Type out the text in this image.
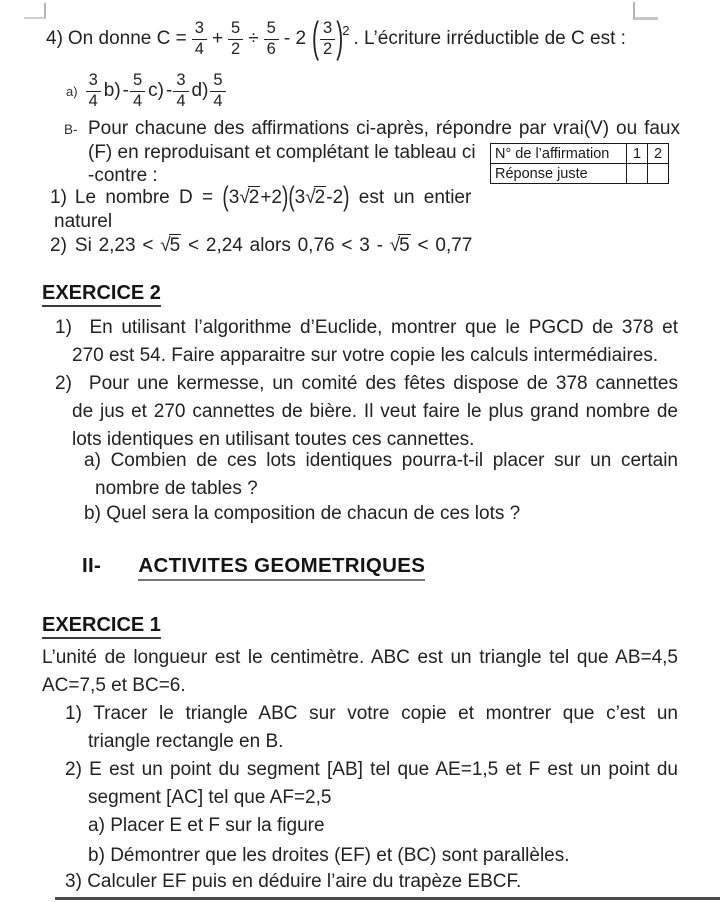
4) On donne $C = \frac{3}{4} + \frac{5}{2} \div \frac{5}{6} - 2$ ( $\frac{3}{2}$ ) 2 . L’écriture irréductible de C est :
$a) \frac{3}{4} b) - \frac{5}{4} c) - \frac{3}{4} d) \frac{5}{4}$
B- Pour chacune des affirmations ci-après, répondre par vrai(V) ou faux
(F) en reproduisant et complétant le tableau ci
-contre :
N° de l’affirmation	1	2
Réponse juste		
1) Le nombre D = (3√2+2)(3√2-2) est un entier
naturel
2) Si 2,23 < √5 < 2,24 alors 0,76 < 3 - √5 < 0,77
EXERCICE 2
1) En utilisant l’algorithme d’Euclide, montrer que le PGCD de 378 et
270 est 54. Faire apparaitre sur votre copie les calculs intermédiaires.
2) Pour une kermesse, un comité des fêtes dispose de 378 cannettes
de jus et 270 cannettes de bière. Il veut faire le plus grand nombre de
lots identiques en utilisant toutes ces cannettes.
a) Combien de ces lots identiques pourra-t-il placer sur un certain
nombre de tables ?
b) Quel sera la composition de chacun de ces lots ?
II- ACTIVITES GEOMETRIQUES
EXERCICE 1
L’unité de longueur est le centimètre. ABC est un triangle tel que AB=4,5
AC=7,5 et BC=6.
1) Tracer le triangle ABC sur votre copie et montrer que c’est un
triangle rectangle en B.
2) E est un point du segment [AB] tel que AE=1,5 et F est un point du
segment [AC] tel que AF=2,5
a) Placer E et F sur la figure
b) Démontrer que les droites (EF) et (BC) sont parallèles.
3) Calculer EF puis en déduire l’aire du trapèze EBCF.
